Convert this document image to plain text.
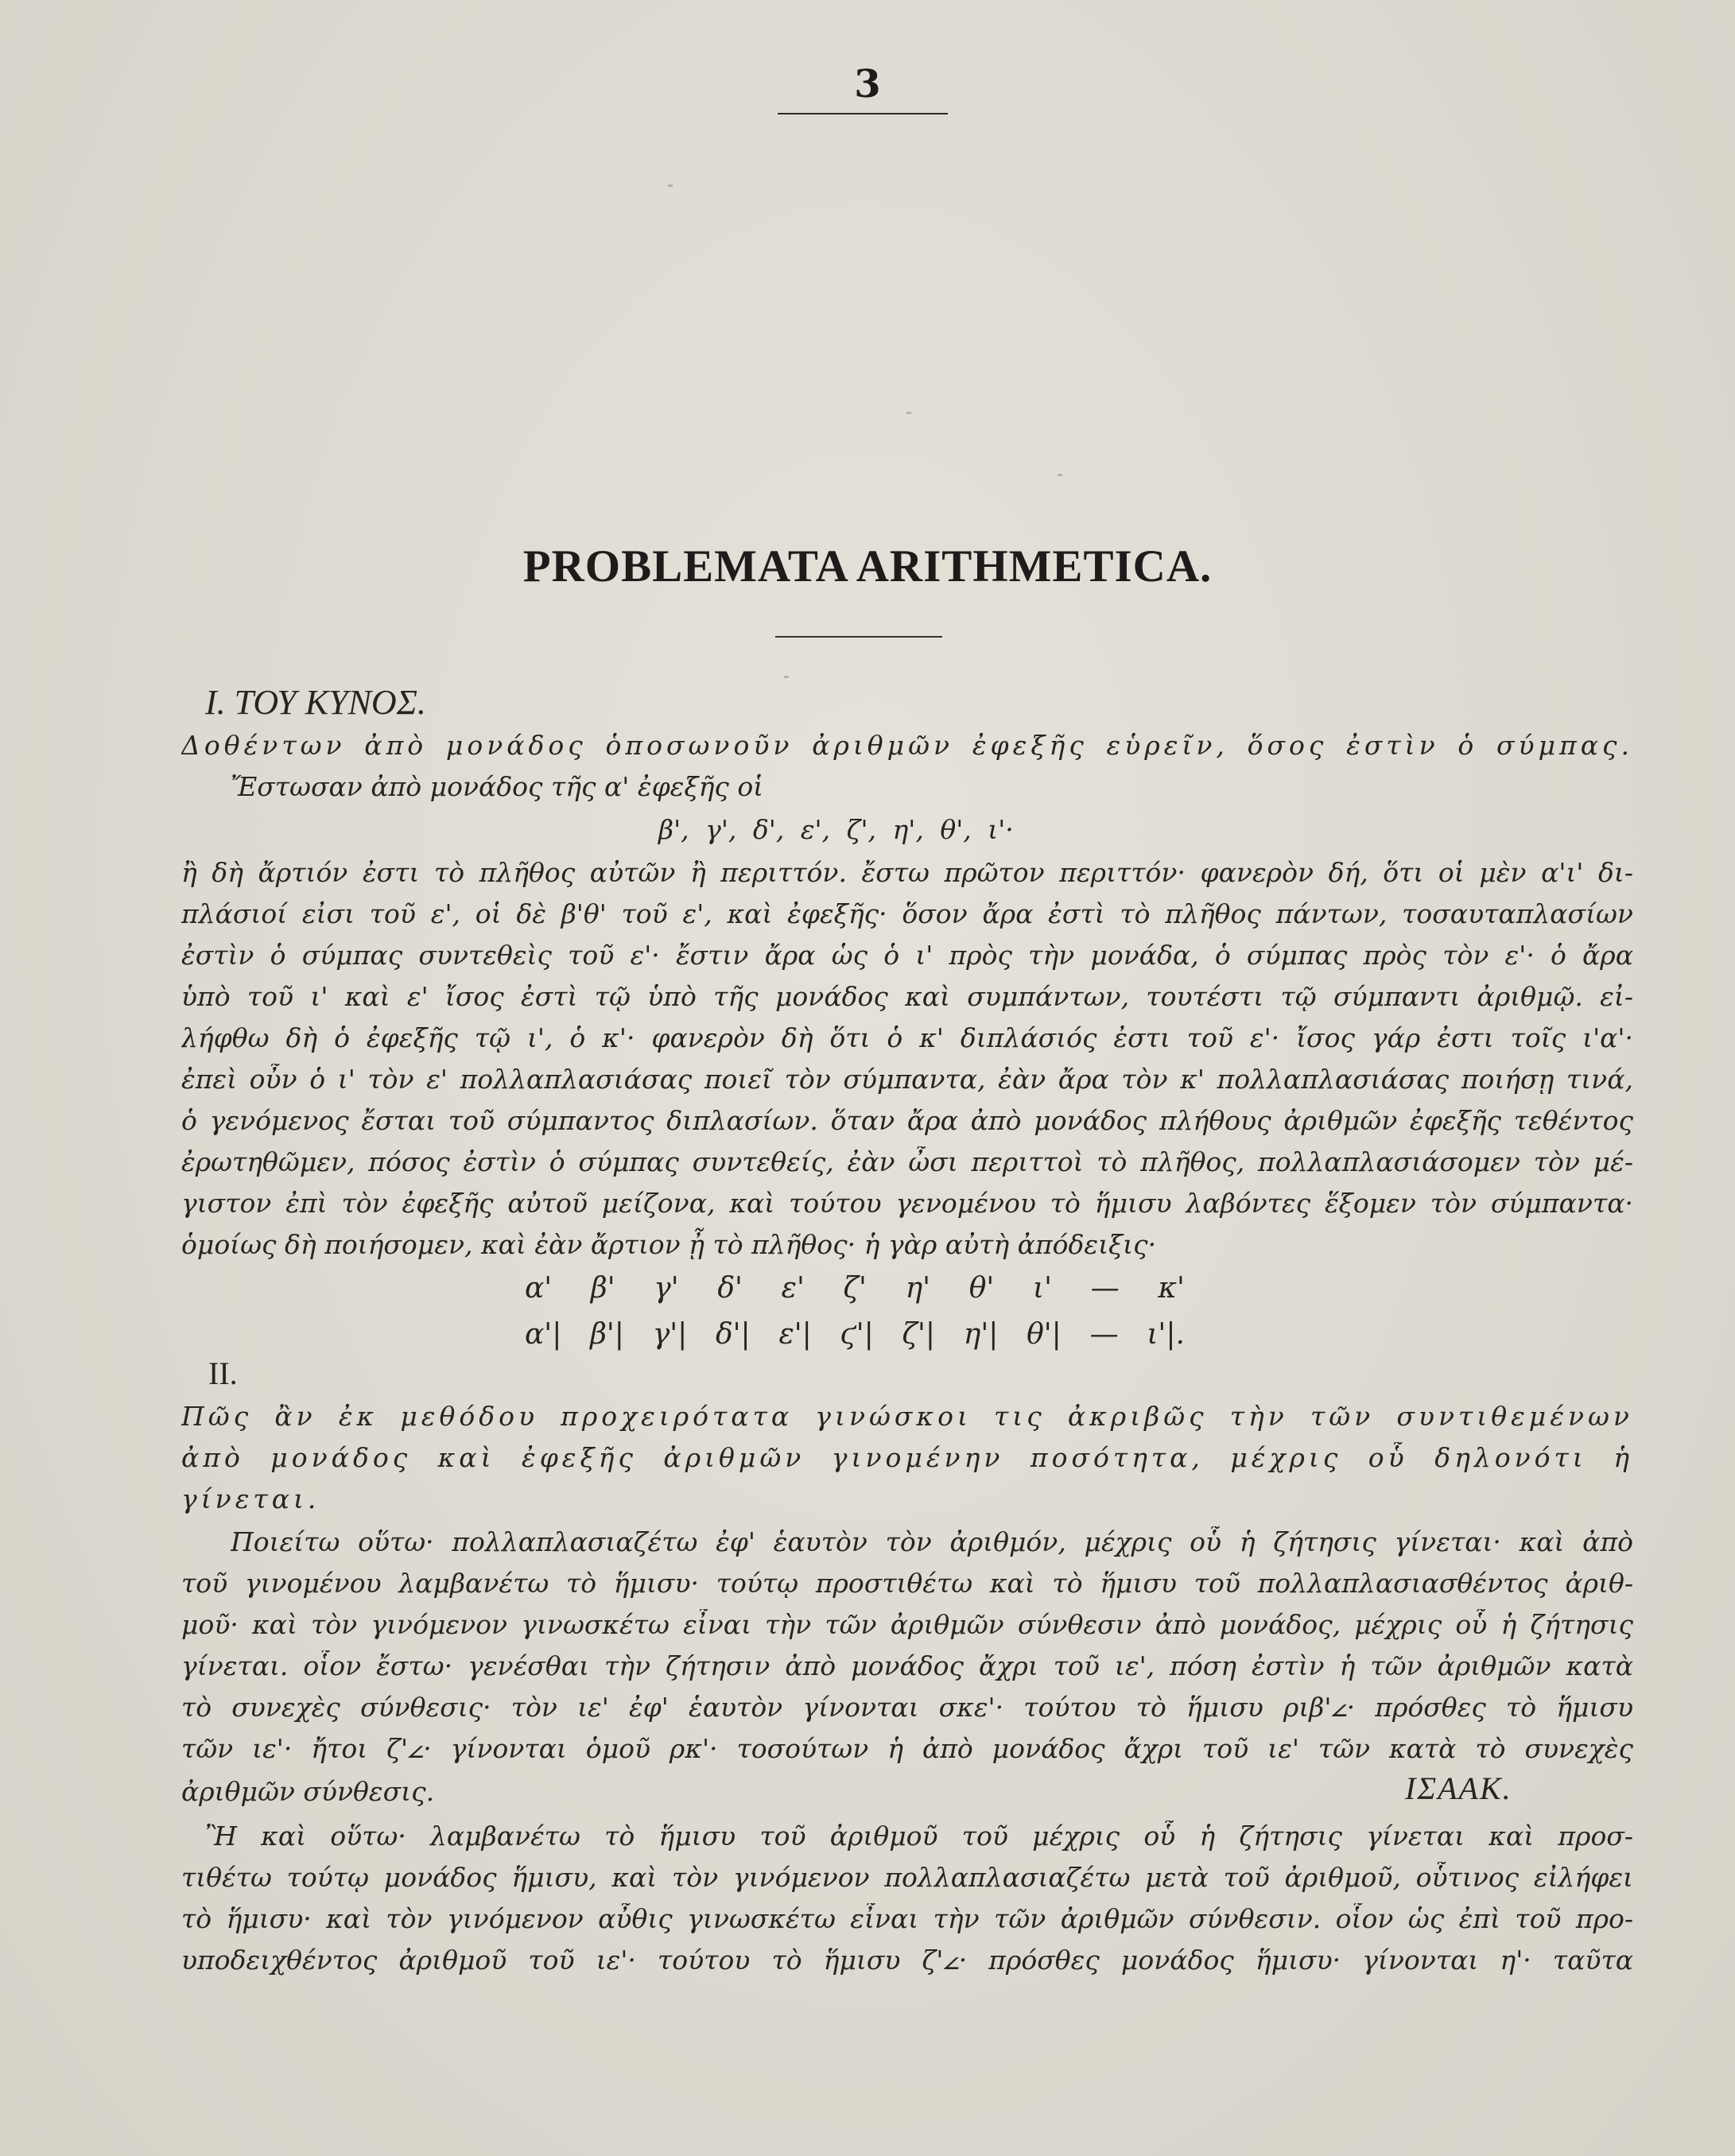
3
PROBLEMATA ARITHMETICA.
I. ΤΟΥ ΚΥΝΟΣ.
Δοθέντων ἀπὸ μονάδος ὁποσωνοῦν ἀριθμῶν ἐφεξῆς εὑρεῖν, ὅσος ἐστὶν ὁ σύμπας.
Ἔστωσαν ἀπὸ μονάδος τῆς α' ἐφεξῆς οἱ
β', γ', δ', ε', ζ', η', θ', ι'·
ἢ δὴ ἄρτιόν ἐστι τὸ πλῆθος αὐτῶν ἢ περιττόν. ἔστω πρῶτον περιττόν· φανερὸν δή, ὅτι οἱ μὲν α'ι' δι-
πλάσιοί εἰσι τοῦ ε', οἱ δὲ β'θ' τοῦ ε', καὶ ἐφεξῆς· ὅσον ἄρα ἐστὶ τὸ πλῆθος πάντων, τοσαυταπλασίων
ἐστὶν ὁ σύμπας συντεθεὶς τοῦ ε'· ἔστιν ἄρα ὡς ὁ ι' πρὸς τὴν μονάδα, ὁ σύμπας πρὸς τὸν ε'· ὁ ἄρα
ὑπὸ τοῦ ι' καὶ ε' ἴσος ἐστὶ τῷ ὑπὸ τῆς μονάδος καὶ συμπάντων, τουτέστι τῷ σύμπαντι ἀριθμῷ. εἰ-
λήφθω δὴ ὁ ἐφεξῆς τῷ ι', ὁ κ'· φανερὸν δὴ ὅτι ὁ κ' διπλάσιός ἐστι τοῦ ε'· ἴσος γάρ ἐστι τοῖς ι'α'·
ἐπεὶ οὖν ὁ ι' τὸν ε' πολλαπλασιάσας ποιεῖ τὸν σύμπαντα, ἐὰν ἄρα τὸν κ' πολλαπλασιάσας ποιήσῃ τινά,
ὁ γενόμενος ἔσται τοῦ σύμπαντος διπλασίων. ὅταν ἄρα ἀπὸ μονάδος πλήθους ἀριθμῶν ἐφεξῆς τεθέντος
ἐρωτηθῶμεν, πόσος ἐστὶν ὁ σύμπας συντεθείς, ἐὰν ὦσι περιττοὶ τὸ πλῆθος, πολλαπλασιάσομεν τὸν μέ-
γιστον ἐπὶ τὸν ἐφεξῆς αὐτοῦ μείζονα, καὶ τούτου γενομένου τὸ ἥμισυ λαβόντες ἕξομεν τὸν σύμπαντα·
ὁμοίως δὴ ποιήσομεν, καὶ ἐὰν ἄρτιον ᾖ τὸ πλῆθος· ἡ γὰρ αὐτὴ ἀπόδειξις·
α' β' γ' δ' ε' ζ' η' θ' ι' — κ'
α'| β'| γ'| δ'| ε'| ϛ'| ζ'| η'| θ'| — ι'|.
II.
Πῶς ἂν ἐκ μεθόδου προχειρότατα γινώσκοι τις ἀκριβῶς τὴν τῶν συντιθεμένων
ἀπὸ μονάδος καὶ ἐφεξῆς ἀριθμῶν γινομένην ποσότητα, μέχρις οὗ δηλονότι ἡ
γίνεται.
Ποιείτω οὕτω· πολλαπλασιαζέτω ἐφ' ἑαυτὸν τὸν ἀριθμόν, μέχρις οὗ ἡ ζήτησις γίνεται· καὶ ἀπὸ
τοῦ γινομένου λαμβανέτω τὸ ἥμισυ· τούτῳ προστιθέτω καὶ τὸ ἥμισυ τοῦ πολλαπλασιασθέντος ἀριθ-
μοῦ· καὶ τὸν γινόμενον γινωσκέτω εἶναι τὴν τῶν ἀριθμῶν σύνθεσιν ἀπὸ μονάδος, μέχρις οὗ ἡ ζήτησις
γίνεται. οἷον ἔστω· γενέσθαι τὴν ζήτησιν ἀπὸ μονάδος ἄχρι τοῦ ιε', πόση ἐστὶν ἡ τῶν ἀριθμῶν κατὰ
τὸ συνεχὲς σύνθεσις· τὸν ιε' ἐφ' ἑαυτὸν γίνονται σκε'· τούτου τὸ ἥμισυ ριβ'𐅵· πρόσθες τὸ ἥμισυ
τῶν ιε'· ἤτοι ζ'𐅵· γίνονται ὁμοῦ ρκ'· τοσούτων ἡ ἀπὸ μονάδος ἄχρι τοῦ ιε' τῶν κατὰ τὸ συνεχὲς
ἀριθμῶν σύνθεσις.	ΙΣΑΑΚ.
Ἢ καὶ οὕτω· λαμβανέτω τὸ ἥμισυ τοῦ ἀριθμοῦ τοῦ μέχρις οὗ ἡ ζήτησις γίνεται καὶ προσ-
τιθέτω τούτῳ μονάδος ἥμισυ, καὶ τὸν γινόμενον πολλαπλασιαζέτω μετὰ τοῦ ἀριθμοῦ, οὗτινος εἰλήφει
τὸ ἥμισυ· καὶ τὸν γινόμενον αὖθις γινωσκέτω εἶναι τὴν τῶν ἀριθμῶν σύνθεσιν. οἷον ὡς ἐπὶ τοῦ προ-
υποδειχθέντος ἀριθμοῦ τοῦ ιε'· τούτου τὸ ἥμισυ ζ'𐅵· πρόσθες μονάδος ἥμισυ· γίνονται η'· ταῦτα
